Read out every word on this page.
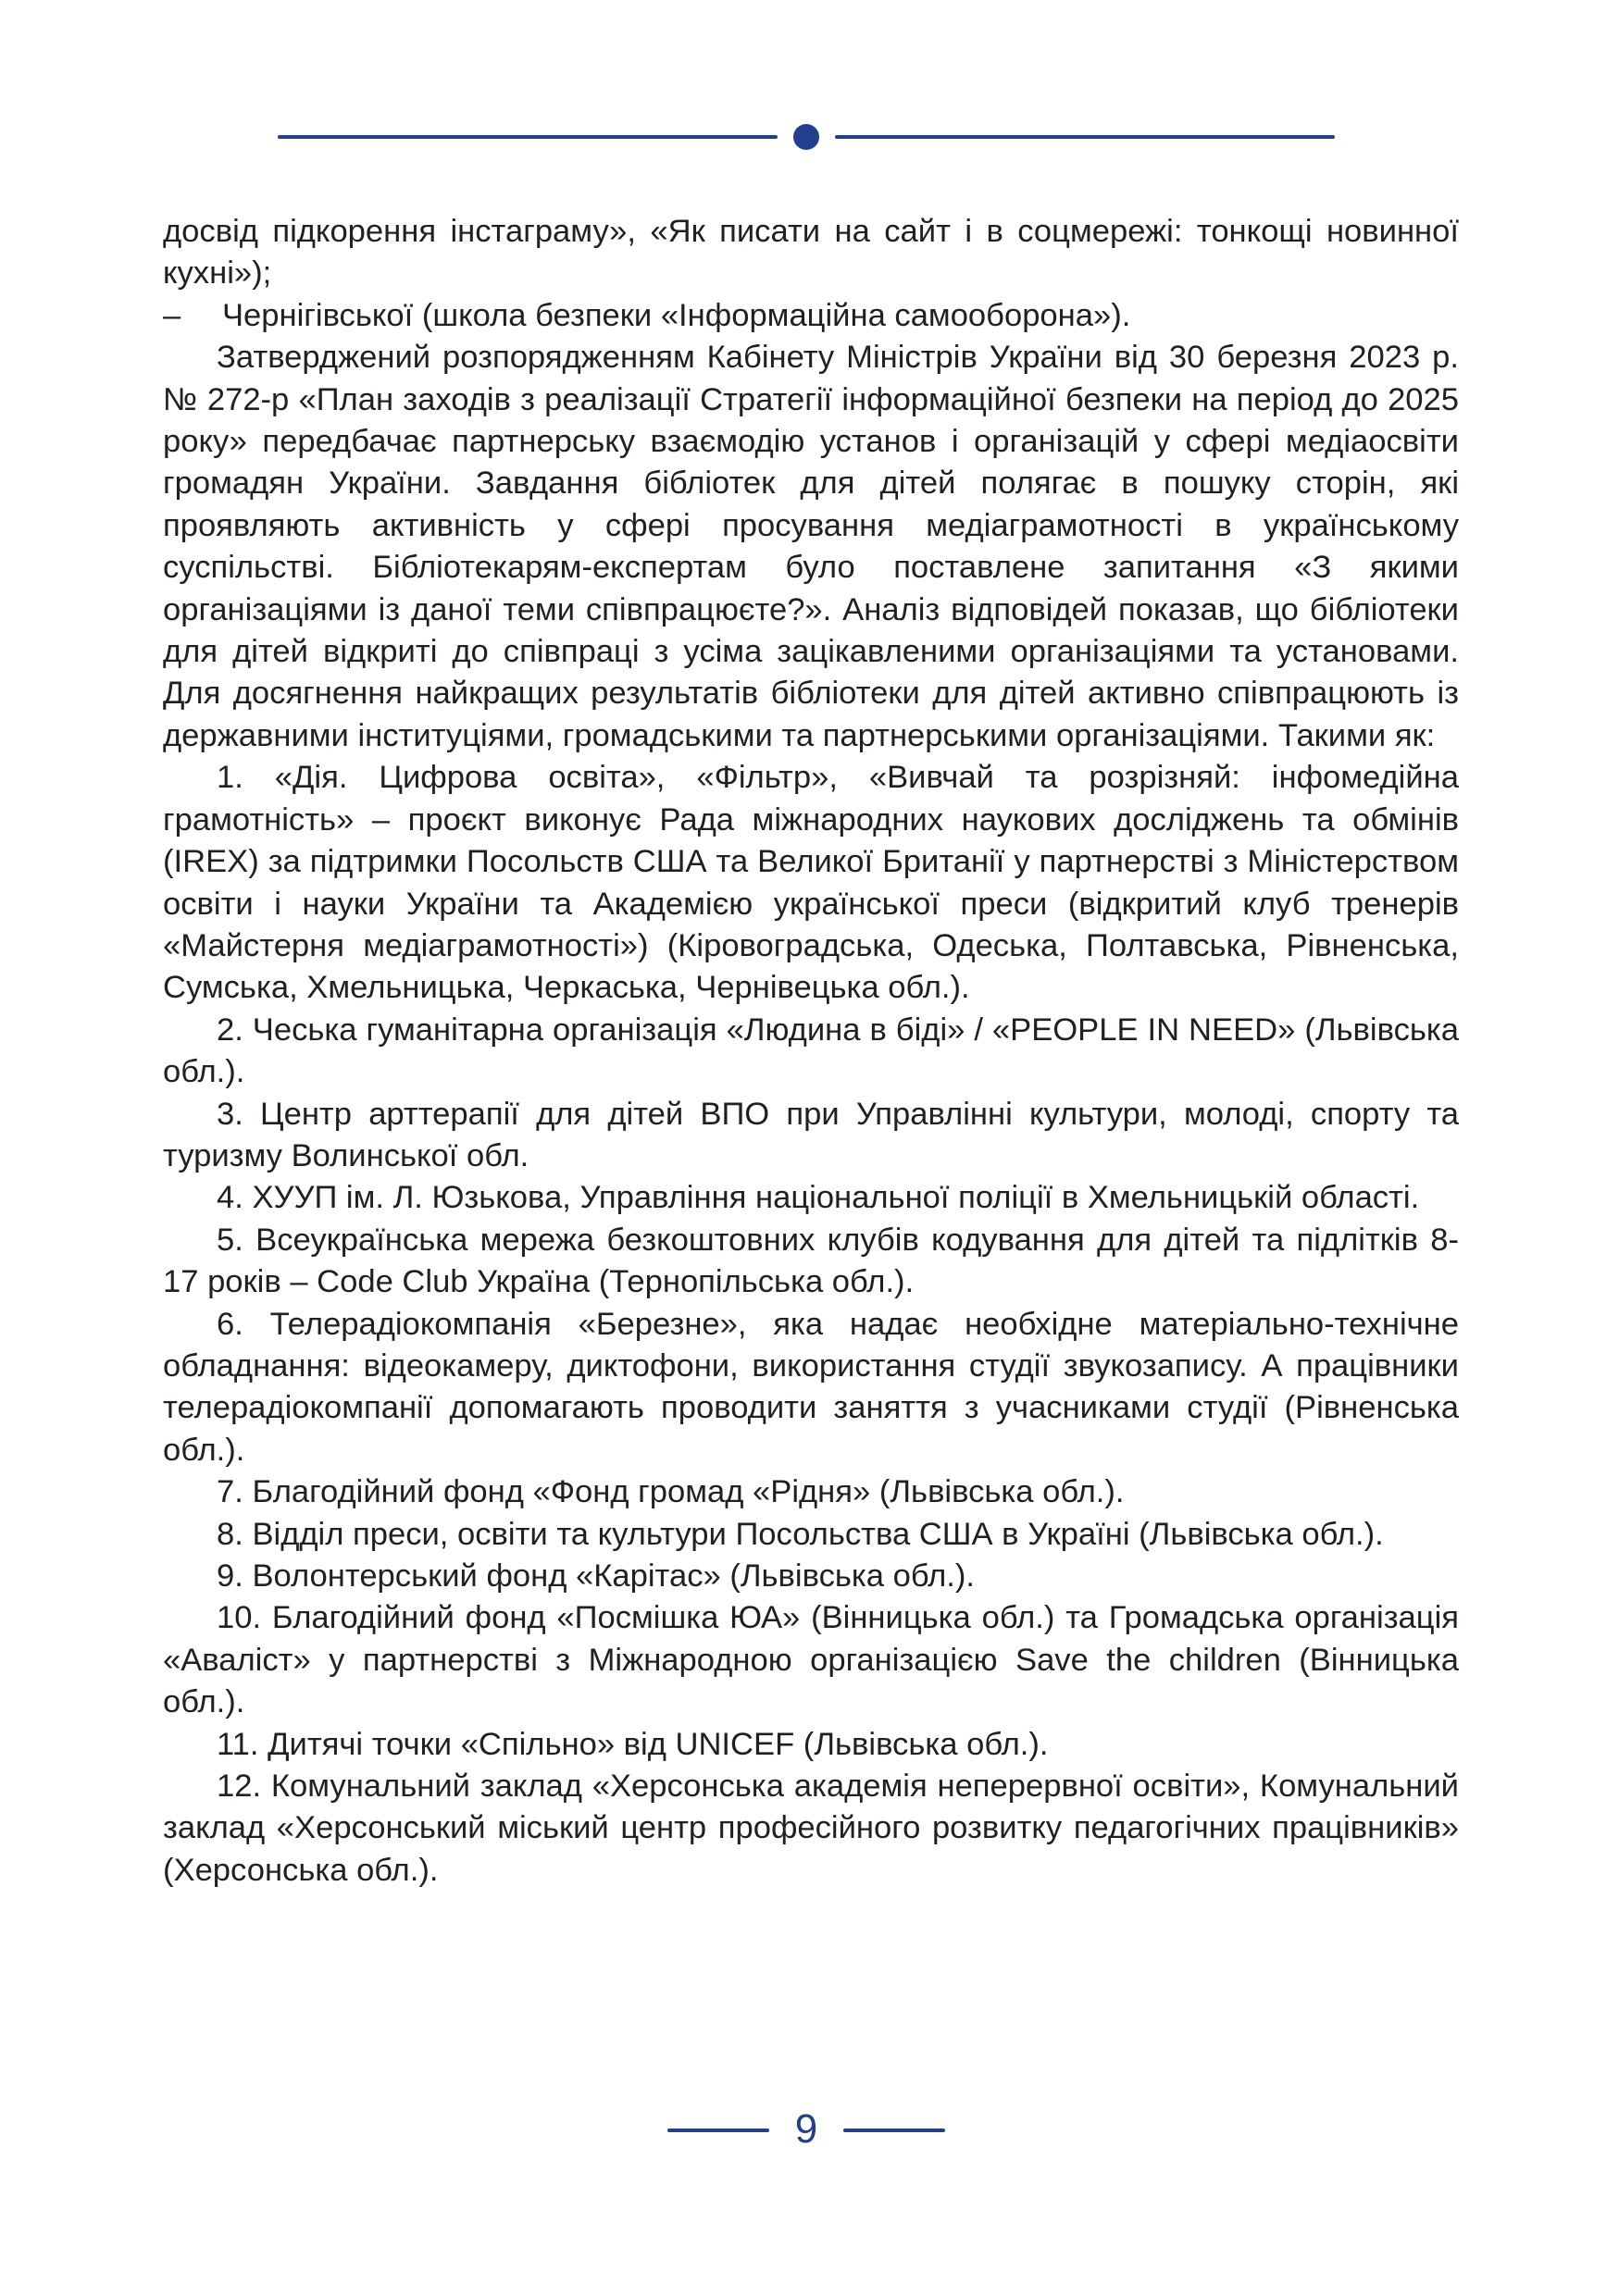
досвід підкорення інстаграму», «Як писати на сайт і в соцмережі: тонкощі новинної кухні»);

– Чернігівської (школа безпеки «Інформаційна самооборона»).

Затверджений розпорядженням Кабінету Міністрів України від 30 березня 2023 р. № 272-р «План заходів з реалізації Стратегії інформаційної безпеки на період до 2025 року» передбачає партнерську взаємодію установ і організацій у сфері медіаосвіти громадян України. Завдання бібліотек для дітей полягає в пошуку сторін, які проявляють активність у сфері просування медіаграмотності в українському суспільстві. Бібліотекарям-експертам було поставлене запитання «З якими організаціями із даної теми співпрацюєте?». Аналіз відповідей показав, що бібліотеки для дітей відкриті до співпраці з усіма зацікавленими організаціями та установами. Для досягнення найкращих результатів бібліотеки для дітей активно співпрацюють із державними інституціями, громадськими та партнерськими організаціями. Такими як:

1. «Дія. Цифрова освіта», «Фільтр», «Вивчай та розрізняй: інфомедійна грамотність» – проєкт виконує Рада міжнародних наукових досліджень та обмінів (IREX) за підтримки Посольств США та Великої Британії у партнерстві з Міністерством освіти і науки України та Академією української преси (відкритий клуб тренерів «Майстерня медіаграмотності») (Кіровоградська, Одеська, Полтавська, Рівненська, Сумська, Хмельницька, Черкаська, Чернівецька обл.).

2. Чеська гуманітарна організація «Людина в біді» / «PEOPLE IN NEED» (Львівська обл.).

3. Центр арттерапії для дітей ВПО при Управлінні культури, молоді, спорту та туризму Волинської обл.

4. ХУУП ім. Л. Юзькова, Управління національної поліції в Хмельницькій області.

5. Всеукраїнська мережа безкоштовних клубів кодування для дітей та підлітків 8-17 років – Code Club Україна (Тернопільська обл.).

6. Телерадіокомпанія «Березне», яка надає необхідне матеріально-технічне обладнання: відеокамеру, диктофони, використання студії звукозапису. А працівники телерадіокомпанії допомагають проводити заняття з учасниками студії (Рівненська обл.).

7. Благодійний фонд «Фонд громад «Рідня» (Львівська обл.).

8. Відділ преси, освіти та культури Посольства США в Україні (Львівська обл.).

9. Волонтерський фонд «Карітас» (Львівська обл.).

10. Благодійний фонд «Посмішка ЮА» (Вінницька обл.) та Громадська організація «Аваліст» у партнерстві з Міжнародною організацією Save the children (Вінницька обл.).

11. Дитячі точки «Спільно» від UNICEF (Львівська обл.).

12. Комунальний заклад «Херсонська академія неперервної освіти», Комунальний заклад «Херсонський міський центр професійного розвитку педагогічних працівників» (Херсонська обл.).

9
